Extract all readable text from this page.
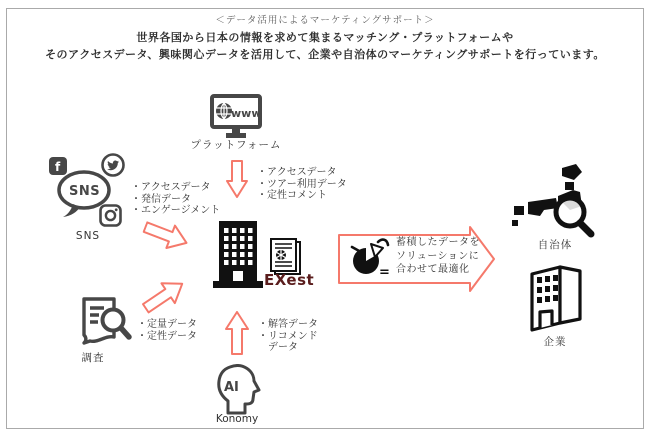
＜データ活用によるマーケティングサポート＞
世界各国から日本の情報を求めて集まるマッチング・プラットフォームや
そのアクセスデータ、興味関心データを活用して、企業や自治体のマーケティングサポートを行っています。
www
プラットフォーム
・アクセスデータ
・ツアー利用データ
・定性コメント
f
SNS
SNS
・アクセスデータ
・発信データ
・エンゲージメント
調査
・定量データ
・定性データ
EXest
・解答データ
・リコメンド
　データ
AI
Konomy
=
蓄積したデータを
ソリューションに
合わせて最適化
自治体
企業
